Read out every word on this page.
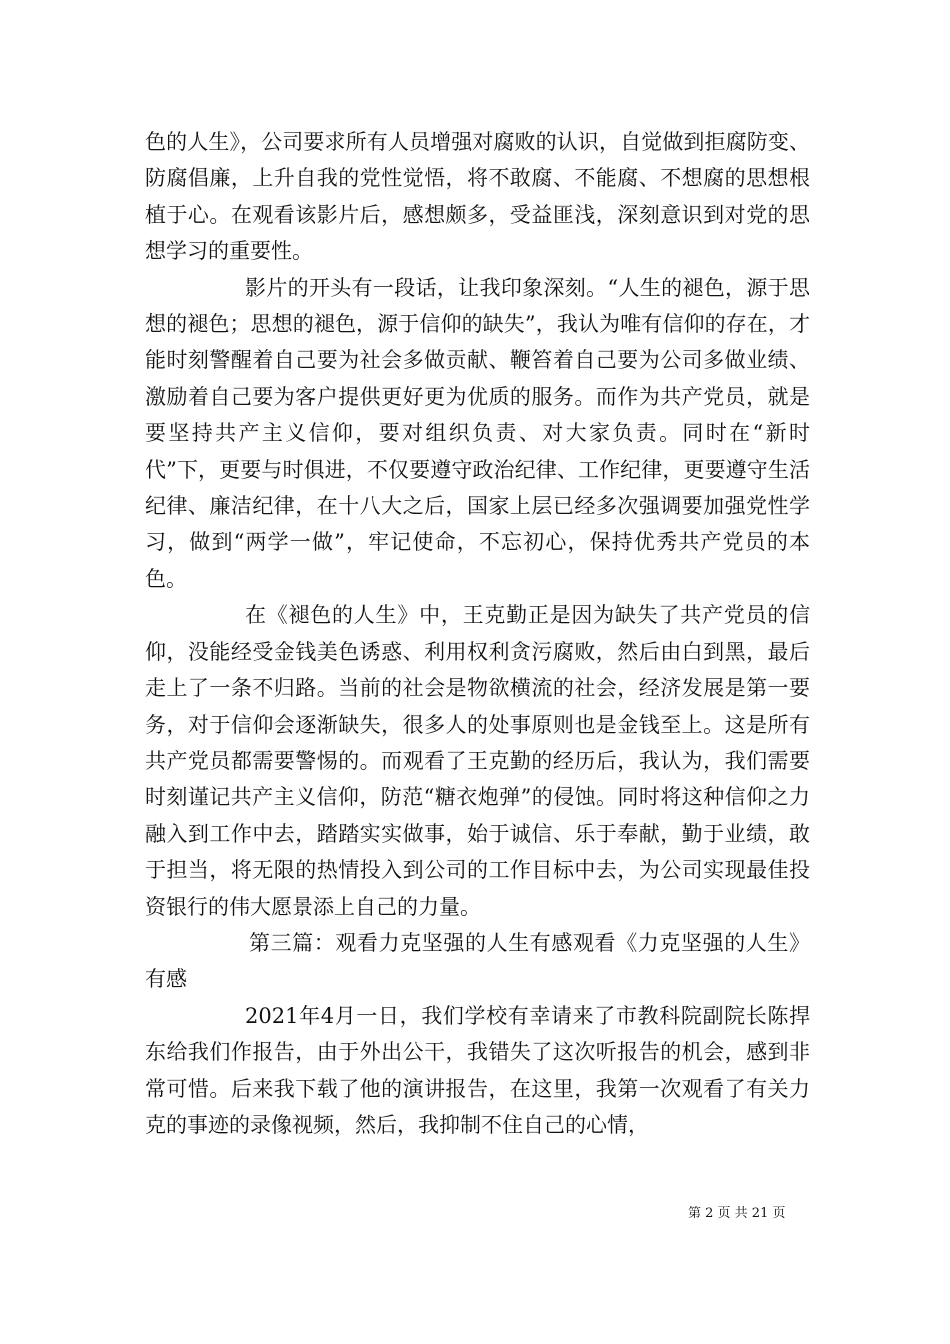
色的人生》，公司要求所有人员增强对腐败的认识，自觉做到拒腐防变、防腐倡廉，上升自我的党性觉悟，将不敢腐、不能腐、不想腐的思想根植于心。在观看该影片后，感想颇多，受益匪浅，深刻意识到对党的思想学习的重要性。

影片的开头有一段话，让我印象深刻。“人生的褪色，源于思想的褪色；思想的褪色，源于信仰的缺失”，我认为唯有信仰的存在，才能时刻警醒着自己要为社会多做贡献、鞭笞着自己要为公司多做业绩、激励着自己要为客户提供更好更为优质的服务。而作为共产党员，就是要坚持共产主义信仰，要对组织负责、对大家负责。同时在“新时代”下，更要与时俱进，不仅要遵守政治纪律、工作纪律，更要遵守生活纪律、廉洁纪律，在十八大之后，国家上层已经多次强调要加强党性学习，做到“两学一做”，牢记使命，不忘初心，保持优秀共产党员的本色。

在《褪色的人生》中，王克勤正是因为缺失了共产党员的信仰，没能经受金钱美色诱惑、利用权利贪污腐败，然后由白到黑，最后走上了一条不归路。当前的社会是物欲横流的社会，经济发展是第一要务，对于信仰会逐渐缺失，很多人的处事原则也是金钱至上。这是所有共产党员都需要警惕的。而观看了王克勤的经历后，我认为，我们需要时刻谨记共产主义信仰，防范“糖衣炮弹”的侵蚀。同时将这种信仰之力融入到工作中去，踏踏实实做事，始于诚信、乐于奉献，勤于业绩，敢于担当，将无限的热情投入到公司的工作目标中去，为公司实现最佳投资银行的伟大愿景添上自己的力量。

第三篇：观看力克坚强的人生有感观看《力克坚强的人生》有感

2021年4月一日，我们学校有幸请来了市教科院副院长陈捍东给我们作报告，由于外出公干，我错失了这次听报告的机会，感到非常可惜。后来我下载了他的演讲报告，在这里，我第一次观看了有关力克的事迹的录像视频，然后，我抑制不住自己的心情，

第 2 页 共 21 页
